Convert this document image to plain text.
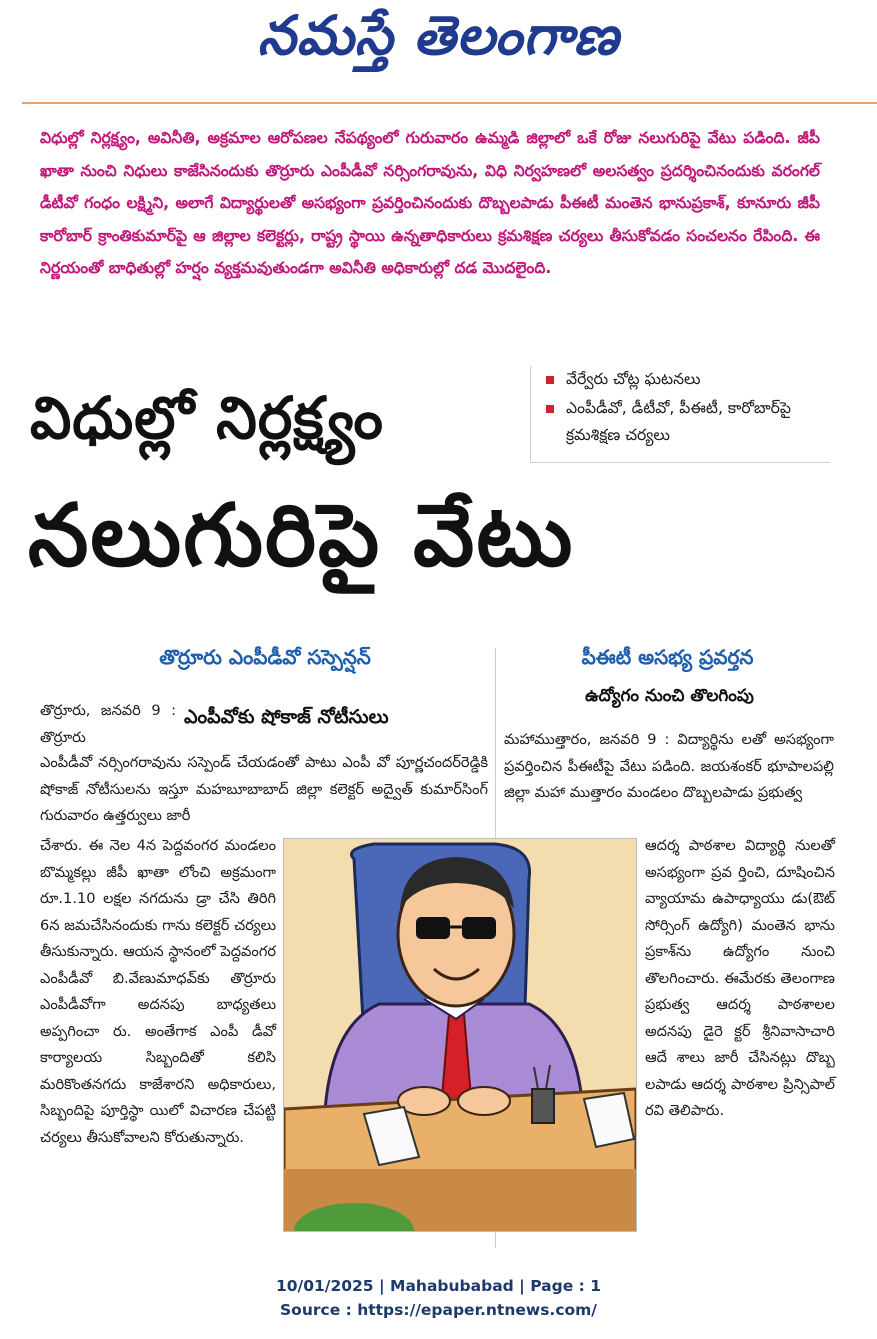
నమస్తే తెలంగాణ
విధుల్లో నిర్లక్ష్యం, అవినీతి, అక్రమాల ఆరోపణల నేపథ్యంలో గురువారం ఉమ్మడి జిల్లాలో ఒకే రోజు నలుగురిపై వేటు పడింది. జీపీ ఖాతా నుంచి నిధులు కాజేసినందుకు తొర్రూరు ఎంపీడీవో నర్సింగరావును, విధి నిర్వహణలో అలసత్వం ప్రదర్శించినందుకు వరంగల్ డీటీవో గంధం లక్ష్మిని, అలాగే విద్యార్థులతో అసభ్యంగా ప్రవర్తించినందుకు దొబ్బలపాడు పీఈటీ మంతెన భానుప్రకాశ్, కూనూరు జీపీ కారోబార్ క్రాంతికుమార్‌పై ఆ జిల్లాల కలెక్టర్లు, రాష్ట్ర స్థాయి ఉన్నతాధికారులు క్రమశిక్షణ చర్యలు తీసుకోవడం సంచలనం రేపింది. ఈ నిర్ణయంతో బాధితుల్లో హర్షం వ్యక్తమవుతుండగా అవినీతి అధికారుల్లో దడ మొదలైంది.
వేర్వేరు చోట్ల ఘటనలు
ఎంపీడీవో, డీటీవో, పీఈటీ, కారోబార్‌పై క్రమశిక్షణ చర్యలు
విధుల్లో నిర్లక్ష్యం
నలుగురిపై వేటు
తొర్రూరు ఎంపీడీవో సస్పెన్షన్	పీఈటీ అసభ్య ప్రవర్తన
ఎంపీవోకు షోకాజ్ నోటీసులు
ఉద్యోగం నుంచి తొలగింపు
తొర్రూరు, జనవరి 9 : తొర్రూరు
ఎంపీడీవో నర్సింగరావును సస్పెండ్ చేయడంతో పాటు ఎంపీ వో పూర్ణచందర్‌రెడ్డికి షోకాజ్ నోటీసులను ఇస్తూ మహబూబాబాద్ జిల్లా కలెక్టర్ అద్వైత్ కుమార్‌సింగ్ గురువారం ఉత్తర్వులు జారీ
చేశారు. ఈ నెల 4న పెద్దవంగర మండలం బొమ్మకల్లు జీపీ ఖాతా లోంచి అక్రమంగా రూ.1.10 లక్షల నగదును డ్రా చేసి తిరిగి 6న జమచేసినందుకు గాను కలెక్టర్ చర్యలు తీసుకున్నారు. ఆయన స్థానంలో పెద్దవంగర ఎంపీడీవో బి.వేణుమాధవ్‌కు తొర్రూరు ఎంపీడీవోగా అదనపు బాధ్యతలు అప్పగించా రు. అంతేగాక ఎంపీ డీవో కార్యాలయ సిబ్బందితో కలిసి మరికొంతనగదు కాజేశారని అధికారులు, సిబ్బందిపై పూర్తిస్థా యిలో విచారణ చేపట్టి చర్యలు తీసుకోవాలని కోరుతున్నారు.
మహాముత్తారం, జనవరి 9 : విద్యార్థిను లతో అసభ్యంగా ప్రవర్తించిన పీఈటీపై వేటు పడింది. జయశంకర్ భూపాలపల్లి జిల్లా మహా ముత్తారం మండలం దొబ్బలపాడు ప్రభుత్వ
ఆదర్శ పాఠశాల విద్యార్థి నులతో అసభ్యంగా ప్రవ ర్తించి, దూషించిన వ్యాయామ ఉపాధ్యాయు డు(ఔట్ సోర్సింగ్ ఉద్యోగి) మంతెన భాను ప్రకాశ్‌ను ఉద్యోగం నుంచి తొలగించారు. ఈమేరకు తెలంగాణ ప్రభుత్వ ఆదర్శ పాఠశాలల అదనపు డైరె క్టర్ శ్రీనివాసాచారి ఆదే శాలు జారీ చేసినట్లు దొబ్బ లపాడు ఆదర్శ పాఠశాల ప్రిన్సిపాల్ రవి తెలిపారు.
10/01/2025 | Mahabubabad | Page : 1
Source : https://epaper.ntnews.com/
